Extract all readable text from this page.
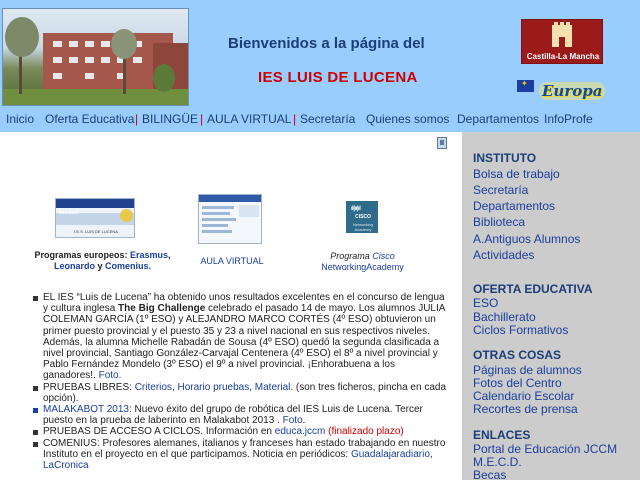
Bienvenidos a la página del
IES LUIS DE LUCENA
Castilla-La Mancha
✦
Europa
Inicio Oferta Educativa | BILINGÜE | AULA VIRTUAL | Secretaría Quienes somos Departamentos InfoProfe
ERASMUS
I.E.S. LUIS DE LUCENA
Programas europeos: Erasmus,
Leonardo y Comenius.	AULA VIRTUAL
ıl|ıı|ıl
CISCO
Networking Academy
Programa Cisco
NetworkingAcademy
EL IES “Luis de Lucena” ha obtenido unos resultados excelentes en el concurso de lengua y cultura inglesa The Big Challenge celebrado el pasado 14 de mayo. Los alumnos JULIA COLEMAN GARCÍA (1º ESO) y ALEJANDRO MARCO CORTÉS (4º ESO) obtuvieron un primer puesto provincial y el puesto 35 y 23 a nivel nacional en sus respectivos niveles. Además, la alumna Michelle Rabadán de Sousa (4º ESO) quedó la segunda clasificada a nivel provincial, Santiago González-Carvajal Centenera (4º ESO) el 8º a nivel provincial y Pablo Fernández Mondelo (3º ESO) el 9º a nivel provincial. ¡Enhorabuena a los ganadores!. Foto.
PRUEBAS LIBRES: Criterios, Horario pruebas, Material. (son tres ficheros, pincha en cada opción).
MALAKABOT 2013: Nuevo éxito del grupo de robótica del IES Luis de Lucena. Tercer puesto en la prueba de laberinto en Malakabot 2013 . Foto.
PRUEBAS DE ACCESO A CICLOS. Información en educa.jccm (finalizado plazo)
COMENIUS: Profesores alemanes, italianos y franceses han estado trabajando en nuestro Instituto en el proyecto en el que participamos. Noticia en periódicos: Guadalajaradiario, LaCronica
INSTITUTO
Bolsa de trabajo
Secretaría
Departamentos
Biblioteca
A.Antiguos Alumnos
Actividades
OFERTA EDUCATIVA
ESO
Bachillerato
Ciclos Formativos
OTRAS COSAS
Páginas de alumnos
Fotos del Centro
Calendario Escolar
Recortes de prensa
ENLACES
Portal de Educación JCCM
M.E.C.D.
Becas
